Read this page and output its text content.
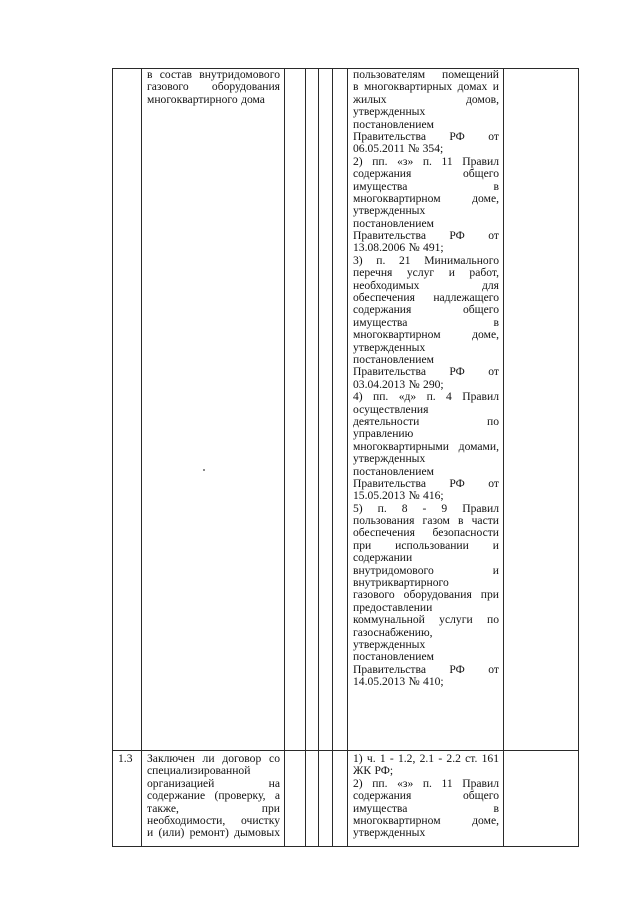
в состав внутридомового
газового оборудования
многоквартирного дома
пользователям помещений
в многоквартирных домах и
жилых домов,
утвержденных
постановлением
Правительства РФ от
06.05.2011 № 354;
2) пп. «з» п. 11 Правил
содержания общего
имущества в
многоквартирном доме,
утвержденных
постановлением
Правительства РФ от
13.08.2006 № 491;
3) п. 21 Минимального
перечня услуг и работ,
необходимых для
обеспечения надлежащего
содержания общего
имущества в
многоквартирном доме,
утвержденных
постановлением
Правительства РФ от
03.04.2013 № 290;
4) пп. «д» п. 4 Правил
осуществления
деятельности по
управлению
многоквартирными домами,
утвержденных
постановлением
Правительства РФ от
15.05.2013 № 416;
5) п. 8 - 9 Правил
пользования газом в части
обеспечения безопасности
при использовании и
содержании
внутридомового и
внутриквартирного
газового оборудования при
предоставлении
коммунальной услуги по
газоснабжению,
утвержденных
постановлением
Правительства РФ от
14.05.2013 № 410;
1.3 Заключен ли договор со
специализированной
организацией на
содержание (проверку, а
также, при
необходимости, очистку
и (или) ремонт) дымовых
1) ч. 1 - 1.2, 2.1 - 2.2 ст. 161
ЖК РФ;
2) пп. «з» п. 11 Правил
содержания общего
имущества в
многоквартирном доме,
утвержденных
